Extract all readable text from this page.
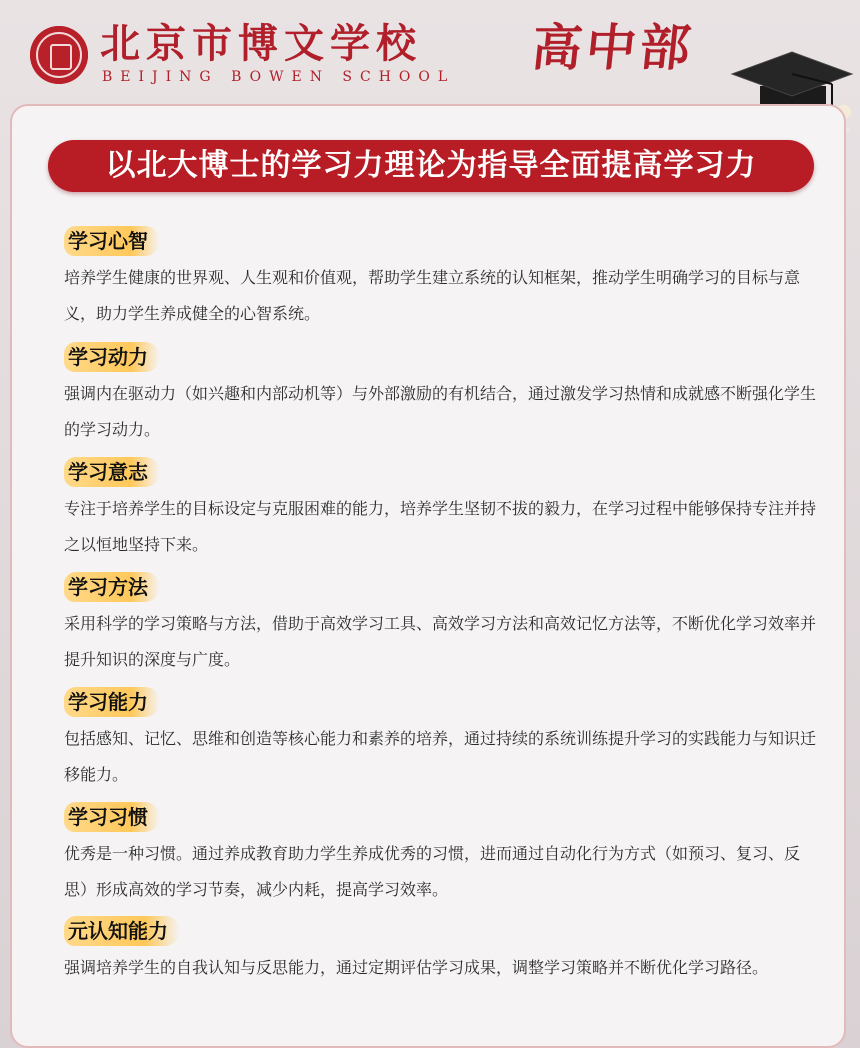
北京市博文学校
BEIJING BOWEN SCHOOL 高中部
以北大博士的学习力理论为指导全面提高学习力
学习心智
培养学生健康的世界观、人生观和价值观，帮助学生建立系统的认知框架，推动学生明确学习的目标与意义，助力学生养成健全的心智系统。
学习动力
强调内在驱动力（如兴趣和内部动机等）与外部激励的有机结合，通过激发学习热情和成就感不断强化学生的学习动力。
学习意志
专注于培养学生的目标设定与克服困难的能力，培养学生坚韧不拔的毅力，在学习过程中能够保持专注并持之以恒地坚持下来。
学习方法
采用科学的学习策略与方法，借助于高效学习工具、高效学习方法和高效记忆方法等，不断优化学习效率并提升知识的深度与广度。
学习能力
包括感知、记忆、思维和创造等核心能力和素养的培养，通过持续的系统训练提升学习的实践能力与知识迁移能力。
学习习惯
优秀是一种习惯。通过养成教育助力学生养成优秀的习惯，进而通过自动化行为方式（如预习、复习、反思）形成高效的学习节奏，减少内耗，提高学习效率。
元认知能力
强调培养学生的自我认知与反思能力，通过定期评估学习成果，调整学习策略并不断优化学习路径。
